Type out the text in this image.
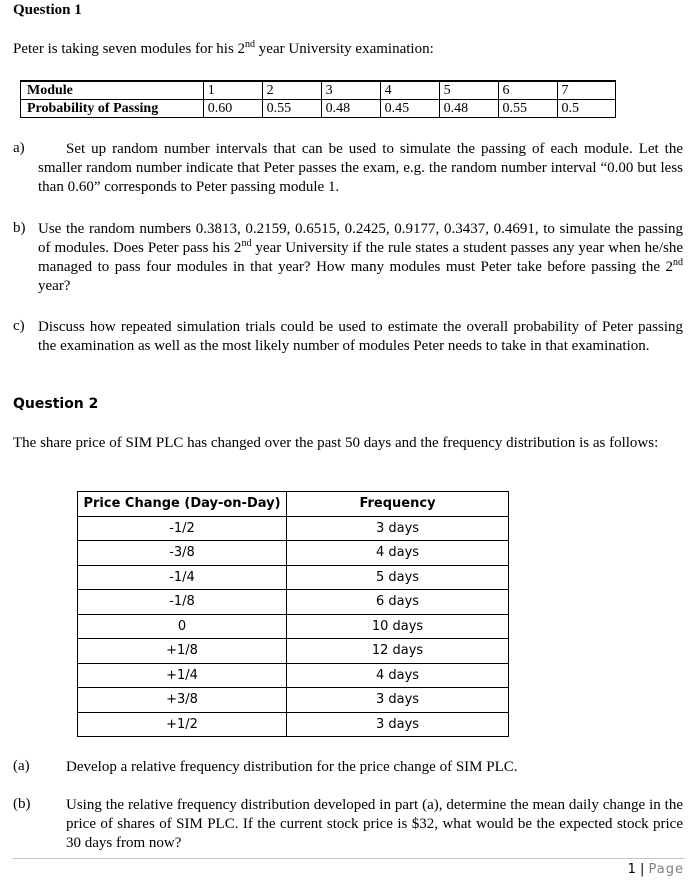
Question 1
Peter is taking seven modules for his 2nd year University examination:
Module	1	2	3	4	5	6	7
Probability of Passing	0.60	0.55	0.48	0.45	0.48	0.55	0.5
a)	Set up random number intervals that can be used to simulate the passing of each module. Let the smaller random number indicate that Peter passes the exam, e.g. the random number interval “0.00 but less than 0.60” corresponds to Peter passing module 1.
b) Use the random numbers 0.3813, 0.2159, 0.6515, 0.2425, 0.9177, 0.3437, 0.4691, to simulate the passing of modules. Does Peter pass his 2nd year University if the rule states a student passes any year when he/she managed to pass four modules in that year? How many modules must Peter take before passing the 2nd year?
c) Discuss how repeated simulation trials could be used to estimate the overall probability of Peter passing the examination as well as the most likely number of modules Peter needs to take in that examination.
Question 2
The share price of SIM PLC has changed over the past 50 days and the frequency distribution is as follows:
Price Change (Day-on-Day)	Frequency
-1/2	3 days
-3/8	4 days
-1/4	5 days
-1/8	6 days
0	10 days
+1/8	12 days
+1/4	4 days
+3/8	3 days
+1/2	3 days
(a) Develop a relative frequency distribution for the price change of SIM PLC.
(b) Using the relative frequency distribution developed in part (a), determine the mean daily change in the price of shares of SIM PLC. If the current stock price is $32, what would be the expected stock price 30 days from now?
1 | Page
